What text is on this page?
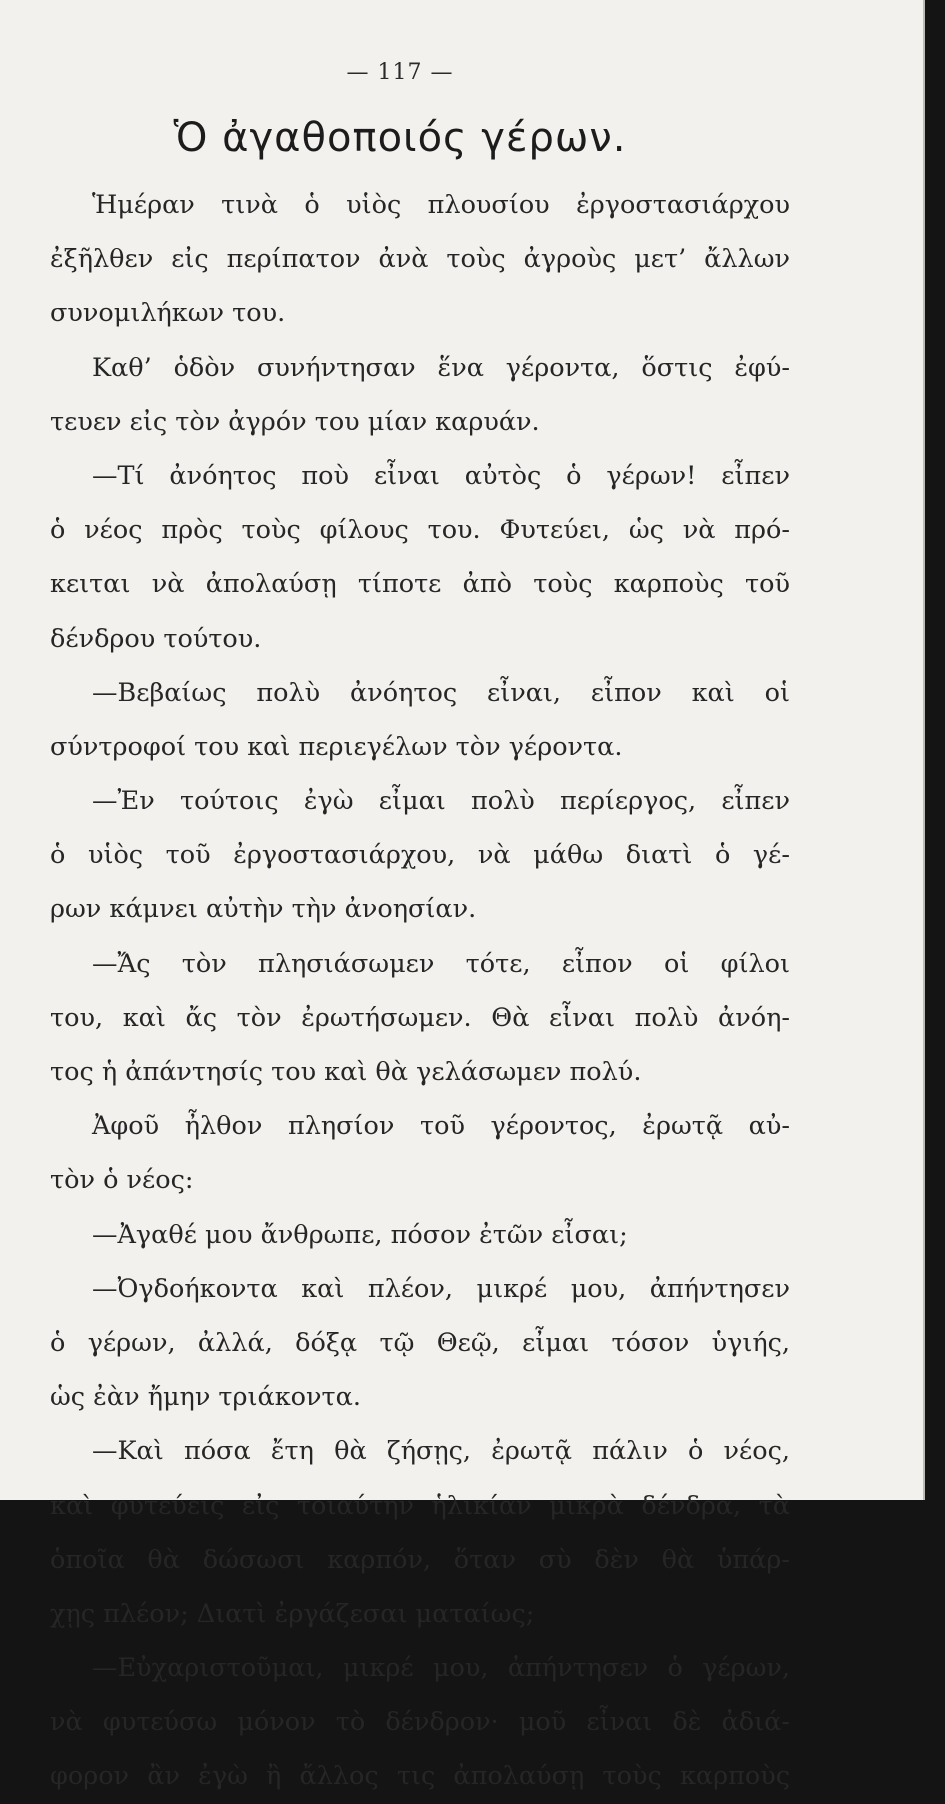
— 117 —
Ὁ ἀγαθοποιός γέρων.
Ἡμέραν τινὰ ὁ υἱὸς πλουσίου ἐργοστασιάρχου
ἐξῆλθεν εἰς περίπατον ἀνὰ τοὺς ἀγροὺς μετ’ ἄλλων
συνομιλήκων του.
Καθ’ ὁδὸν συνήντησαν ἕνα γέροντα, ὅστις ἐφύ-
τευεν εἰς τὸν ἀγρόν του μίαν καρυάν.
—Τί ἀνόητος ποὺ εἶναι αὐτὸς ὁ γέρων! εἶπεν
ὁ νέος πρὸς τοὺς φίλους του. Φυτεύει, ὡς νὰ πρό-
κειται νὰ ἀπολαύσῃ τίποτε ἀπὸ τοὺς καρποὺς τοῦ
δένδρου τούτου.
—Βεβαίως πολὺ ἀνόητος εἶναι, εἶπον καὶ οἱ
σύντροφοί του καὶ περιεγέλων τὸν γέροντα.
—Ἐν τούτοις ἐγὼ εἶμαι πολὺ περίεργος, εἶπεν
ὁ υἱὸς τοῦ ἐργοστασιάρχου, νὰ μάθω διατὶ ὁ γέ-
ρων κάμνει αὐτὴν τὴν ἀνοησίαν.
—Ἄς τὸν πλησιάσωμεν τότε, εἶπον οἱ φίλοι
του, καὶ ἄς τὸν ἐρωτήσωμεν. Θὰ εἶναι πολὺ ἀνόη-
τος ἡ ἀπάντησίς του καὶ θὰ γελάσωμεν πολύ.
Ἀφοῦ ἦλθον πλησίον τοῦ γέροντος, ἐρωτᾷ αὐ-
τὸν ὁ νέος:
—Ἀγαθέ μου ἄνθρωπε, πόσον ἐτῶν εἶσαι;
—Ὀγδοήκοντα καὶ πλέον, μικρέ μου, ἀπήντησεν
ὁ γέρων, ἀλλά, δόξᾳ τῷ Θεῷ, εἶμαι τόσον ὑγιής,
ὡς ἐὰν ἤμην τριάκοντα.
—Καὶ πόσα ἔτη θὰ ζήσῃς, ἐρωτᾷ πάλιν ὁ νέος,
καὶ φυτεύεις εἰς τοιαύτην ἡλικίαν μικρὰ δένδρα, τὰ
ὁποῖα θὰ δώσωσι καρπόν, ὅταν σὺ δὲν θὰ ὑπάρ-
χῃς πλέον; Διατὶ ἐργάζεσαι ματαίως;
—Εὐχαριστοῦμαι, μικρέ μου, ἀπήντησεν ὁ γέρων,
νὰ φυτεύσω μόνον τὸ δένδρον· μοῦ εἶναι δὲ ἀδιά-
φορον ἂν ἐγὼ ἢ ἄλλος τις ἀπολαύσῃ τοὺς καρποὺς
